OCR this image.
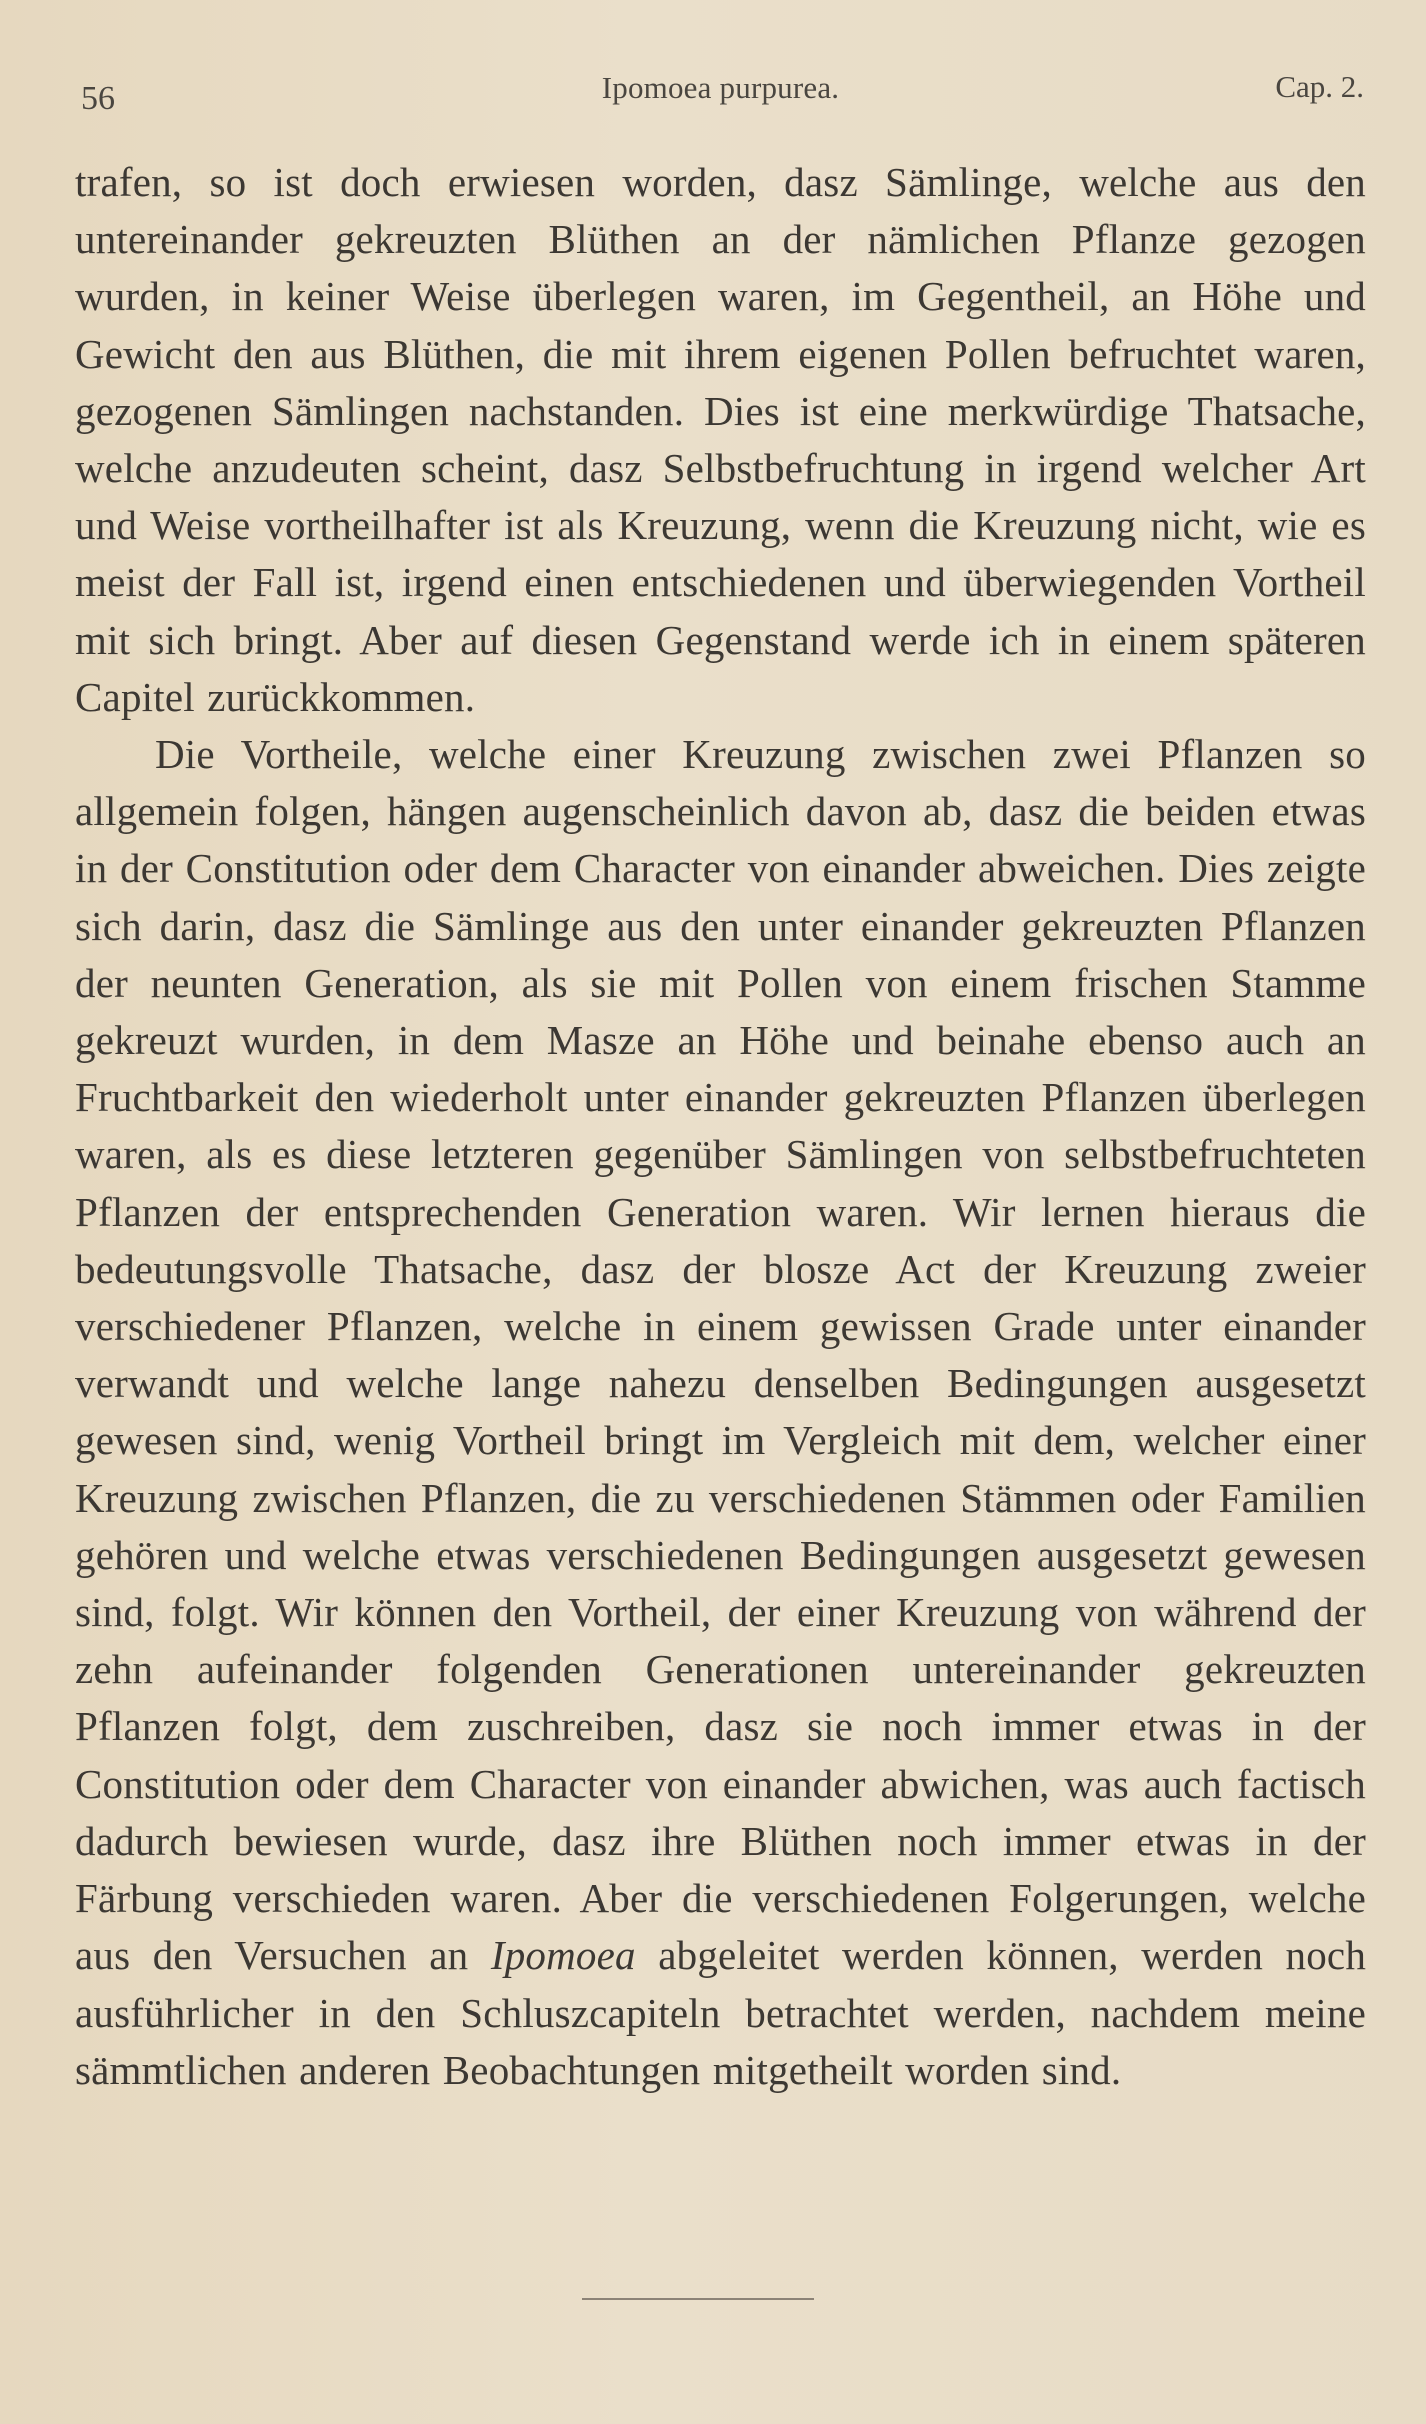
56	Ipomoea purpurea.	Cap. 2.

trafen, so ist doch erwiesen worden, dasz Sämlinge, welche aus den untereinander gekreuzten Blüthen an der nämlichen Pflanze gezogen wurden, in keiner Weise überlegen waren, im Gegentheil, an Höhe und Gewicht den aus Blüthen, die mit ihrem eigenen Pollen befruchtet waren, gezogenen Sämlingen nachstanden. Dies ist eine merkwürdige Thatsache, welche anzudeuten scheint, dasz Selbstbefruchtung in irgend welcher Art und Weise vortheilhafter ist als Kreuzung, wenn die Kreuzung nicht, wie es meist der Fall ist, irgend einen entschiedenen und überwiegenden Vortheil mit sich bringt. Aber auf diesen Gegenstand werde ich in einem späteren Capitel zurückkommen.

Die Vortheile, welche einer Kreuzung zwischen zwei Pflanzen so allgemein folgen, hängen augenscheinlich davon ab, dasz die beiden etwas in der Constitution oder dem Character von einander abweichen. Dies zeigte sich darin, dasz die Sämlinge aus den unter einander gekreuzten Pflanzen der neunten Generation, als sie mit Pollen von einem frischen Stamme gekreuzt wurden, in dem Masze an Höhe und beinahe ebenso auch an Fruchtbarkeit den wiederholt unter einander gekreuzten Pflanzen überlegen waren, als es diese letzteren gegenüber Sämlingen von selbstbefruchteten Pflanzen der entsprechenden Generation waren. Wir lernen hieraus die bedeutungsvolle Thatsache, dasz der blosze Act der Kreuzung zweier verschiedener Pflanzen, welche in einem gewissen Grade unter einander verwandt und welche lange nahezu denselben Bedingungen ausgesetzt gewesen sind, wenig Vortheil bringt im Vergleich mit dem, welcher einer Kreuzung zwischen Pflanzen, die zu verschiedenen Stämmen oder Familien gehören und welche etwas verschiedenen Bedingungen ausgesetzt gewesen sind, folgt. Wir können den Vortheil, der einer Kreuzung von während der zehn aufeinander folgenden Generationen untereinander gekreuzten Pflanzen folgt, dem zuschreiben, dasz sie noch immer etwas in der Constitution oder dem Character von einander abwichen, was auch factisch dadurch bewiesen wurde, dasz ihre Blüthen noch immer etwas in der Färbung verschieden waren. Aber die verschiedenen Folgerungen, welche aus den Versuchen an Ipomoea abgeleitet werden können, werden noch ausführlicher in den Schluszcapiteln betrachtet werden, nachdem meine sämmtlichen anderen Beobachtungen mitgetheilt worden sind.
